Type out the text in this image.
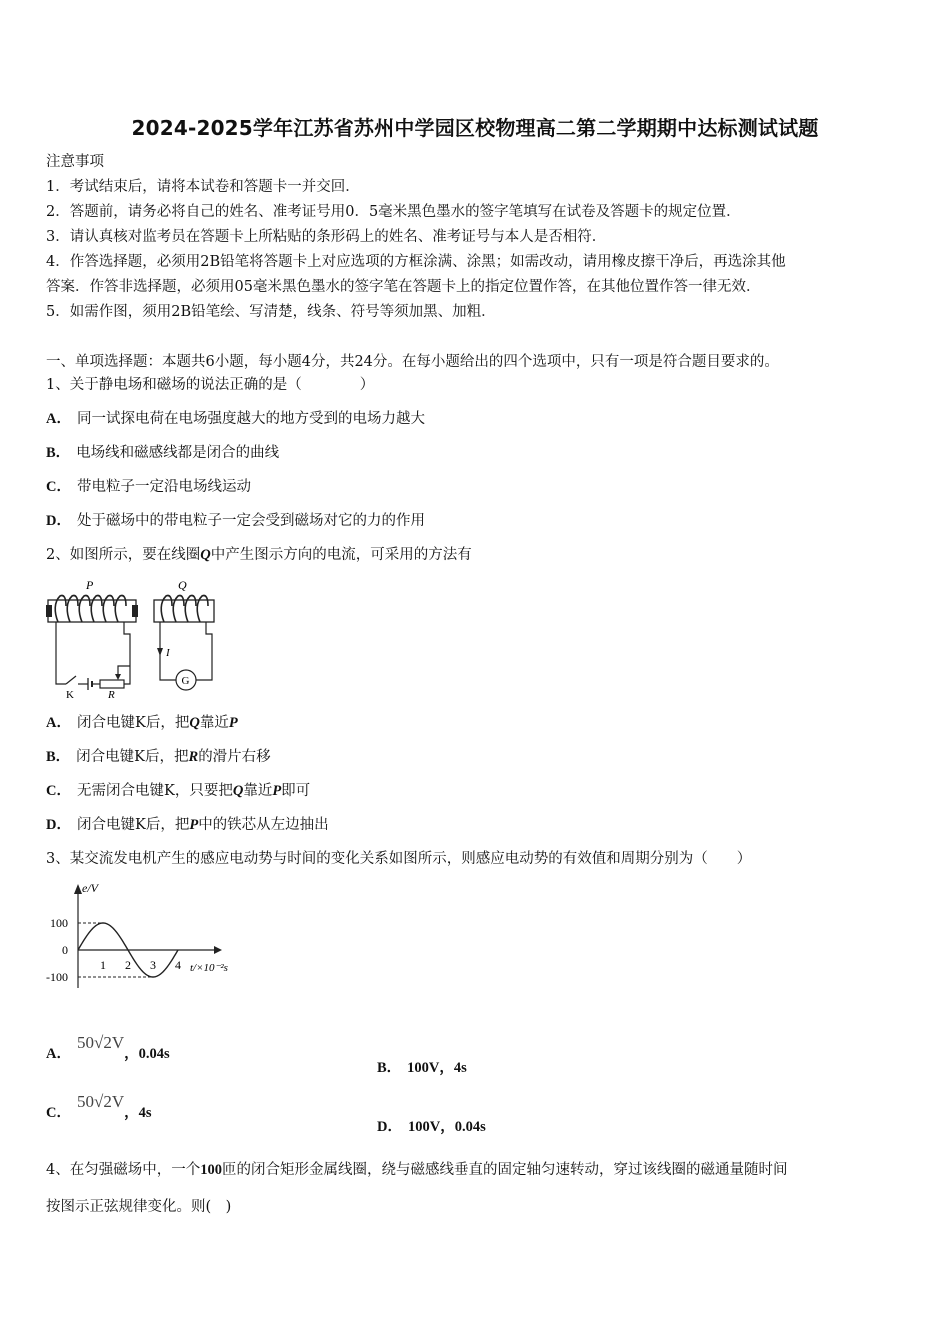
2024-2025学年江苏省苏州中学园区校物理高二第二学期期中达标测试试题
注意事项
1．考试结束后，请将本试卷和答题卡一并交回．
2．答题前，请务必将自己的姓名、准考证号用0．5毫米黑色墨水的签字笔填写在试卷及答题卡的规定位置．
3．请认真核对监考员在答题卡上所粘贴的条形码上的姓名、准考证号与本人是否相符．
4．作答选择题，必须用2B铅笔将答题卡上对应选项的方框涂满、涂黑；如需改动，请用橡皮擦干净后，再选涂其他
答案．作答非选择题，必须用05毫米黑色墨水的签字笔在答题卡上的指定位置作答，在其他位置作答一律无效．
5．如需作图，须用2B铅笔绘、写清楚，线条、符号等须加黑、加粗．
一、单项选择题：本题共6小题，每小题4分，共24分。在每小题给出的四个选项中，只有一项是符合题目要求的。
1、关于静电场和磁场的说法正确的是（　　　　）
A． 同一试探电荷在电场强度越大的地方受到的电场力越大
B． 电场线和磁感线都是闭合的曲线
C． 带电粒子一定沿电场线运动
D． 处于磁场中的带电粒子一定会受到磁场对它的力的作用
2、如图所示，要在线圈Q中产生图示方向的电流，可采用的方法有
P
K	R
Q
I
G
A． 闭合电键K后，把Q靠近P
B． 闭合电键K后，把R的滑片右移
C． 无需闭合电键K，只要把Q靠近P即可
D． 闭合电键K后，把P中的铁芯从左边抽出
3、某交流发电机产生的感应电动势与时间的变化关系如图所示，则感应电动势的有效值和周期分别为（　　）
e/V
t/×10⁻²s
1 2 3 4
100
0
-100
A．50√2V，0.04s
B． 100V，4s
C．50√2V，4s
D． 100V，0.04s
4、在匀强磁场中，一个100匝的闭合矩形金属线圈，绕与磁感线垂直的固定轴匀速转动，穿过该线圈的磁通量随时间
按图示正弦规律变化。则(　)
